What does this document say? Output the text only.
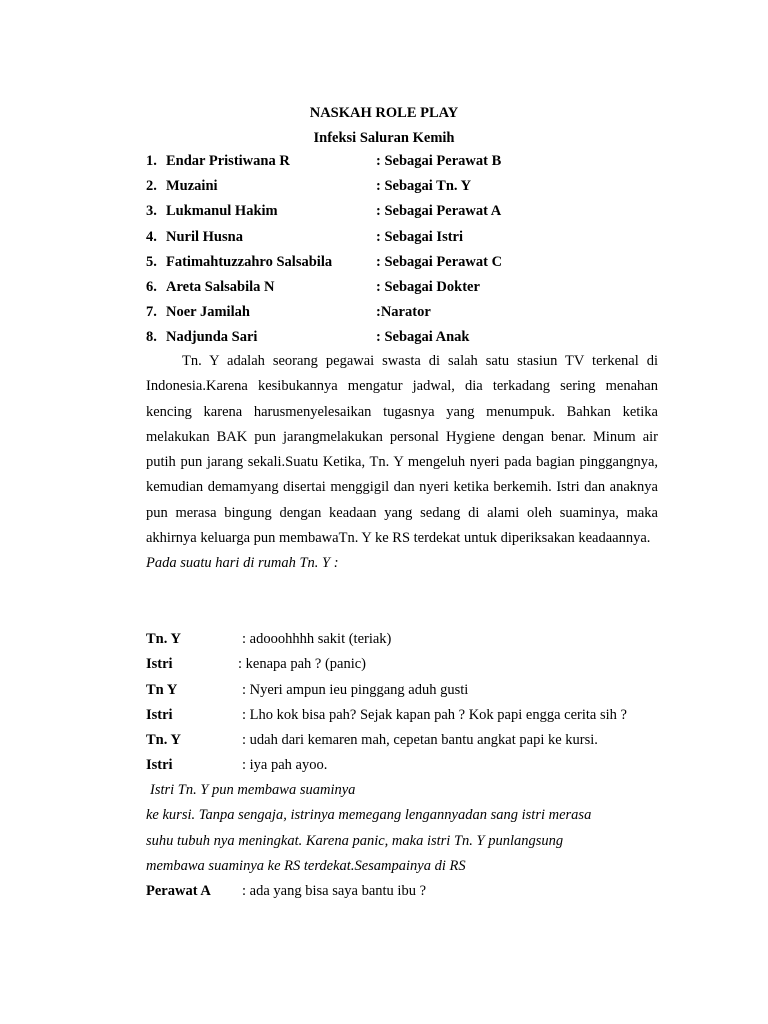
NASKAH ROLE PLAY
Infeksi Saluran Kemih
1. Endar Pristiwana R	: Sebagai Perawat B
2. Muzaini	: Sebagai Tn. Y
3. Lukmanul Hakim	: Sebagai Perawat A
4. Nuril Husna	: Sebagai Istri
5. Fatimahtuzzahro Salsabila	: Sebagai Perawat C
6. Areta Salsabila N	: Sebagai Dokter
7. Noer Jamilah	:Narator
8. Nadjunda Sari	: Sebagai Anak

Tn. Y adalah seorang pegawai swasta di salah satu stasiun TV terkenal di Indonesia.Karena kesibukannya mengatur jadwal, dia terkadang sering menahan kencing karena harusmenyelesaikan tugasnya yang menumpuk. Bahkan ketika melakukan BAK pun jarangmelakukan personal Hygiene dengan benar. Minum air putih pun jarang sekali.Suatu Ketika, Tn. Y mengeluh nyeri pada bagian pinggangnya, kemudian demamyang disertai menggigil dan nyeri ketika berkemih. Istri dan anaknya pun merasa bingung dengan keadaan yang sedang di alami oleh suaminya, maka akhirnya keluarga pun membawaTn. Y ke RS terdekat untuk diperiksakan keadaannya.

Pada suatu hari di rumah Tn. Y :
Tn. Y	: adooohhhh sakit (teriak)
Istri	: kenapa pah ? (panic)
Tn Y	: Nyeri ampun ieu pinggang aduh gusti
Istri	: Lho kok bisa pah? Sejak kapan pah ? Kok papi engga cerita sih ?
Tn. Y	: udah dari kemaren mah, cepetan bantu angkat papi ke kursi.
Istri	: iya pah ayoo.
Istri Tn. Y pun membawa suaminya
ke kursi. Tanpa sengaja, istrinya memegang lengannyadan sang istri merasa
suhu tubuh nya meningkat. Karena panic, maka istri Tn. Y punlangsung
membawa suaminya ke RS terdekat.Sesampainya di RS
Perawat A : ada yang bisa saya bantu ibu ?
